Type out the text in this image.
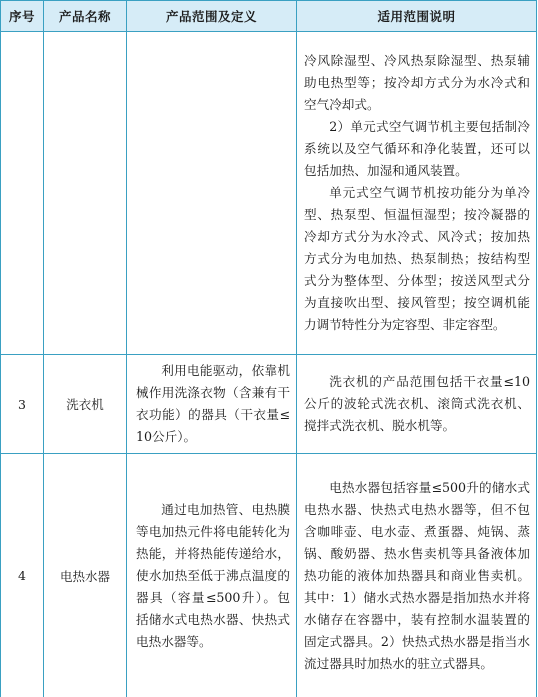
序号	产品名称	产品范围及定义	适用范围说明

			冷风除湿型、冷风热泵除湿型、热泵辅助电热型等；按冷却方式分为水冷式和空气冷却式。
2）单元式空气调节机主要包括制冷系统以及空气循环和净化装置，还可以包括加热、加湿和通风装置。
单元式空气调节机按功能分为单冷型、热泵型、恒温恒湿型；按冷凝器的冷却方式分为水冷式、风冷式；按加热方式分为电加热、热泵制热；按结构型式分为整体型、分体型；按送风型式分为直接吹出型、接风管型；按空调机能力调节特性分为定容型、非定容型。

3	洗衣机	利用电能驱动，依靠机械作用洗涤衣物（含兼有干衣功能）的器具（干衣量≤10公斤）。	洗衣机的产品范围包括干衣量≤10公斤的波轮式洗衣机、滚筒式洗衣机、搅拌式洗衣机、脱水机等。

4	电热水器	通过电加热管、电热膜等电加热元件将电能转化为热能，并将热能传递给水，使水加热至低于沸点温度的器具（容量≤500升）。包括储水式电热水器、快热式电热水器等。	电热水器包括容量≤500升的储水式电热水器、快热式电热水器等，但不包含咖啡壶、电水壶、煮蛋器、炖锅、蒸锅、酸奶器、热水售卖机等具备液体加热功能的液体加热器具和商业售卖机。其中：1）储水式热水器是指加热水并将水储存在容器中，装有控制水温装置的固定式器具。2）快热式热水器是指当水流过器具时加热水的驻立式器具。
